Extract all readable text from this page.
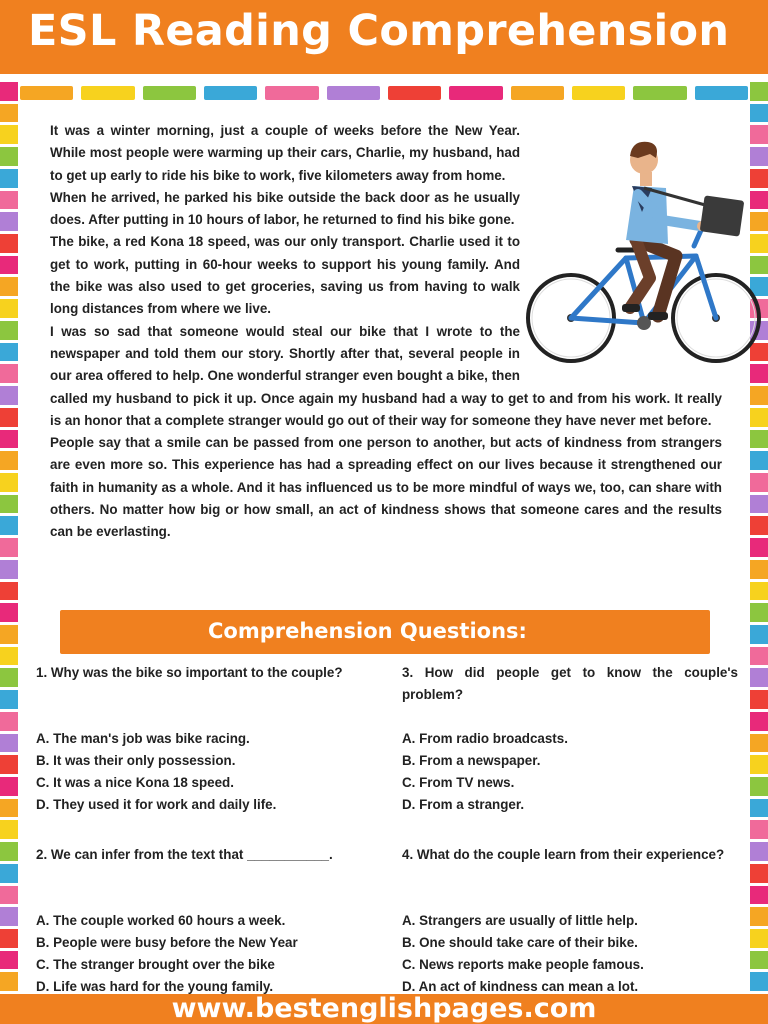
ESL Reading Comprehension

It was a winter morning, just a couple of weeks before the New Year. While most people were warming up their cars, Charlie, my husband, had to get up early to ride his bike to work, five kilometers away from home.

When he arrived, he parked his bike outside the back door as he usually does. After putting in 10 hours of labor, he returned to find his bike gone.

The bike, a red Kona 18 speed, was our only transport. Charlie used it to get to work, putting in 60-hour weeks to support his young family. And the bike was also used to get groceries, saving us from having to walk long distances from where we live.

I was so sad that someone would steal our bike that I wrote to the newspaper and told them our story. Shortly after that, several people in our area offered to help. One wonderful stranger even bought a bike, then called my husband to pick it up. Once again my husband had a way to get to and from his work. It really is an honor that a complete stranger would go out of their way for someone they have never met before.

People say that a smile can be passed from one person to another, but acts of kindness from strangers are even more so. This experience has had a spreading effect on our lives because it strengthened our faith in humanity as a whole. And it has influenced us to be more mindful of ways we, too, can share with others. No matter how big or how small, an act of kindness shows that someone cares and the results can be everlasting.

Comprehension Questions:

1. Why was the bike so important to the couple?

A. The man's job was bike racing.
B. It was their only possession.
C. It was a nice Kona 18 speed.
D. They used it for work and daily life.

2. We can infer from the text that ___________.

A. The couple worked 60 hours a week.
B. People were busy before the New Year
C. The stranger brought over the bike
D. Life was hard for the young family.

3. How did people get to know the couple's problem?

A. From radio broadcasts.
B. From a newspaper.
C. From TV news.
D. From a stranger.

4. What do the couple learn from their experience?

A. Strangers are usually of little help.
B. One should take care of their bike.
C. News reports make people famous.
D. An act of kindness can mean a lot.
www.bestenglishpages.com
